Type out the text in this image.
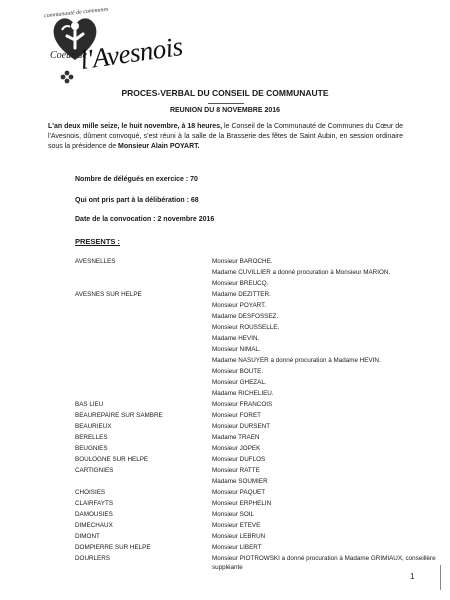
communauté de communes
Coeur de
l'Avesnois
PROCES-VERBAL DU CONSEIL DE COMMUNAUTE
REUNION DU 8 NOVEMBRE 2016
L'an deux mille seize, le huit novembre, à 18 heures, le Conseil de la Communauté de Communes du Cœur de l'Avesnois, dûment convoqué, s'est réuni à la salle de la Brasserie des fêtes de Saint Aubin, en session ordinaire sous la présidence de Monsieur Alain POYART.
Nombre de délégués en exercice : 70
Qui ont pris part à la délibération : 68
Date de la convocation : 2 novembre 2016
PRESENTS :
AVESNELLES	Monsieur BAROCHE.
Madame CUVILLIER a donné procuration à Monsieur MARION.
Monsieur BREUCQ.
AVESNES SUR HELPE	Madame DEZITTER.
Monsieur POYART.
Madame DESFOSSEZ.
Monsieur ROUSSELLE.
Madame HEVIN.
Monsieur NIMAL.
Madame NASUYER a donné procuration à Madame HEVIN.
Monsieur BOUTE.
Monsieur GHEZAL.
Madame RICHELIEU.
BAS LIEU	Monsieur FRANCOIS
BEAUREPAIRE SUR SAMBRE	Monsieur FORET
BEAURIEUX	Monsieur DURSENT
BERELLES	Madame TRAEN
BEUGNIES	Monsieur JOPEK
BOULOGNE SUR HELPE	Monsieur DUFLOS
CARTIGNIES	Monsieur RATTE
Madame SOUMIER
CHOISIES	Monsieur PAQUET
CLAIRFAYTS	Monsieur ERPHELIN
DAMOUSIES	Monsieur SOIL
DIMECHAUX	Monsieur ETEVE
DIMONT	Monsieur LEBRUN
DOMPIERRE SUR HELPE	Monsieur LIBERT
DOURLERS	Monsieur PIOTROWSKI a donné procuration à Madame GRIMIAUX, conseillère suppléante
1
